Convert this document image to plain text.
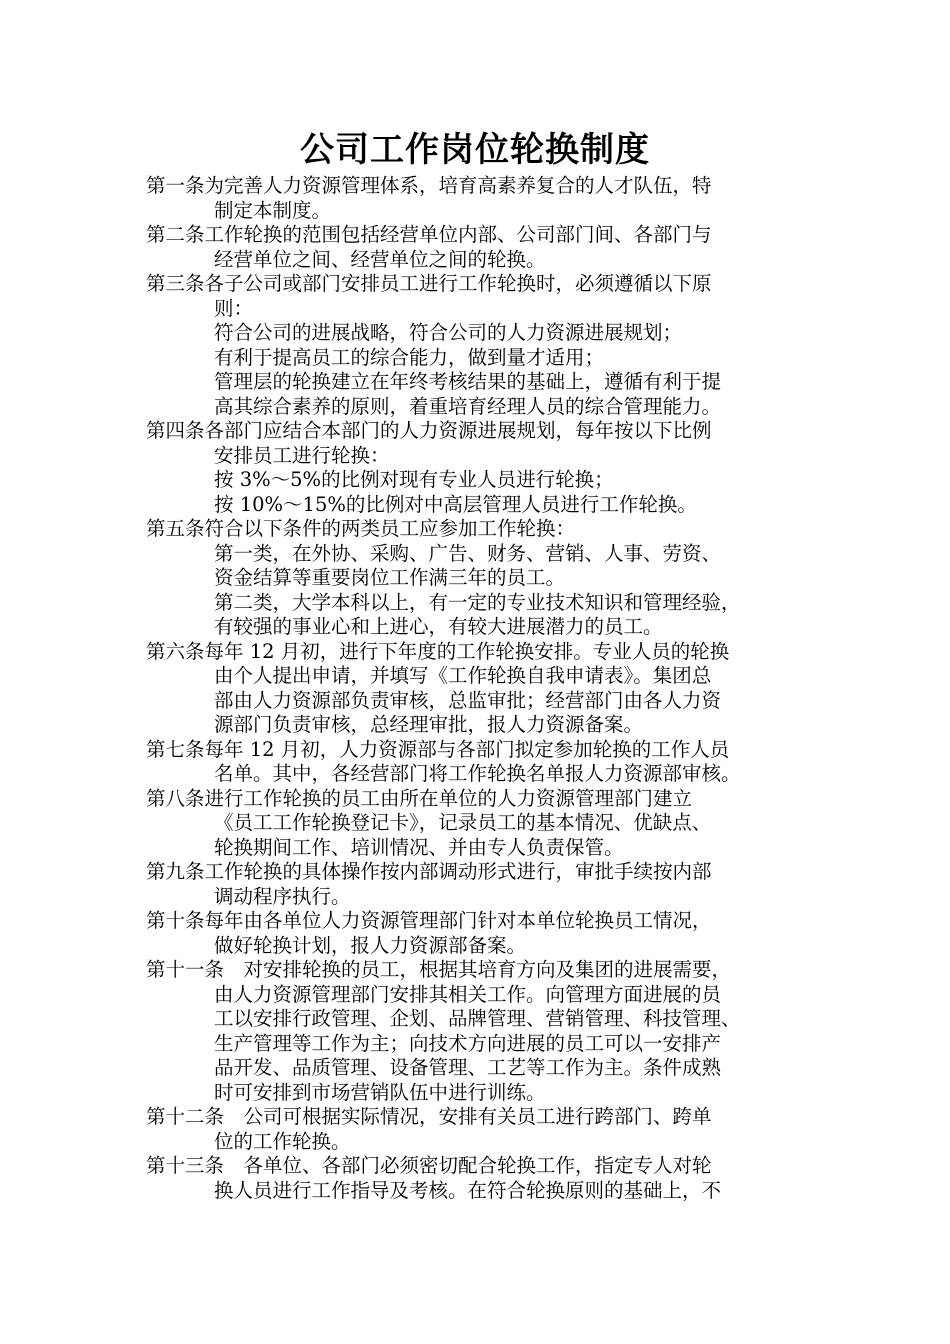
公司工作岗位轮换制度
第一条为完善人力资源管理体系，培育高素养复合的人才队伍，特
制定本制度。
第二条工作轮换的范围包括经营单位内部、公司部门间、各部门与
经营单位之间、经营单位之间的轮换。
第三条各子公司或部门安排员工进行工作轮换时，必须遵循以下原
则：
符合公司的进展战略，符合公司的人力资源进展规划；
有利于提高员工的综合能力，做到量才适用；
管理层的轮换建立在年终考核结果的基础上，遵循有利于提
高其综合素养的原则，着重培育经理人员的综合管理能力。
第四条各部门应结合本部门的人力资源进展规划，每年按以下比例
安排员工进行轮换：
按 3%～5%的比例对现有专业人员进行轮换；
按 10%～15%的比例对中高层管理人员进行工作轮换。
第五条符合以下条件的两类员工应参加工作轮换：
第一类，在外协、采购、广告、财务、营销、人事、劳资、
资金结算等重要岗位工作满三年的员工。
第二类，大学本科以上，有一定的专业技术知识和管理经验，
有较强的事业心和上进心，有较大进展潜力的员工。
第六条每年 12 月初，进行下年度的工作轮换安排。专业人员的轮换
由个人提出申请，并填写《工作轮换自我申请表》。集团总
部由人力资源部负责审核，总监审批；经营部门由各人力资
源部门负责审核，总经理审批，报人力资源备案。
第七条每年 12 月初，人力资源部与各部门拟定参加轮换的工作人员
名单。其中，各经营部门将工作轮换名单报人力资源部审核。
第八条进行工作轮换的员工由所在单位的人力资源管理部门建立
《员工工作轮换登记卡》，记录员工的基本情况、优缺点、
轮换期间工作、培训情况、并由专人负责保管。
第九条工作轮换的具体操作按内部调动形式进行，审批手续按内部
调动程序执行。
第十条每年由各单位人力资源管理部门针对本单位轮换员工情况，
做好轮换计划，报人力资源部备案。
第十一条　对安排轮换的员工，根据其培育方向及集团的进展需要，
由人力资源管理部门安排其相关工作。向管理方面进展的员
工以安排行政管理、企划、品牌管理、营销管理、科技管理、
生产管理等工作为主；向技术方向进展的员工可以一安排产
品开发、品质管理、设备管理、工艺等工作为主。条件成熟
时可安排到市场营销队伍中进行训练。
第十二条　公司可根据实际情况，安排有关员工进行跨部门、跨单
位的工作轮换。
第十三条　各单位、各部门必须密切配合轮换工作，指定专人对轮
换人员进行工作指导及考核。在符合轮换原则的基础上，不
